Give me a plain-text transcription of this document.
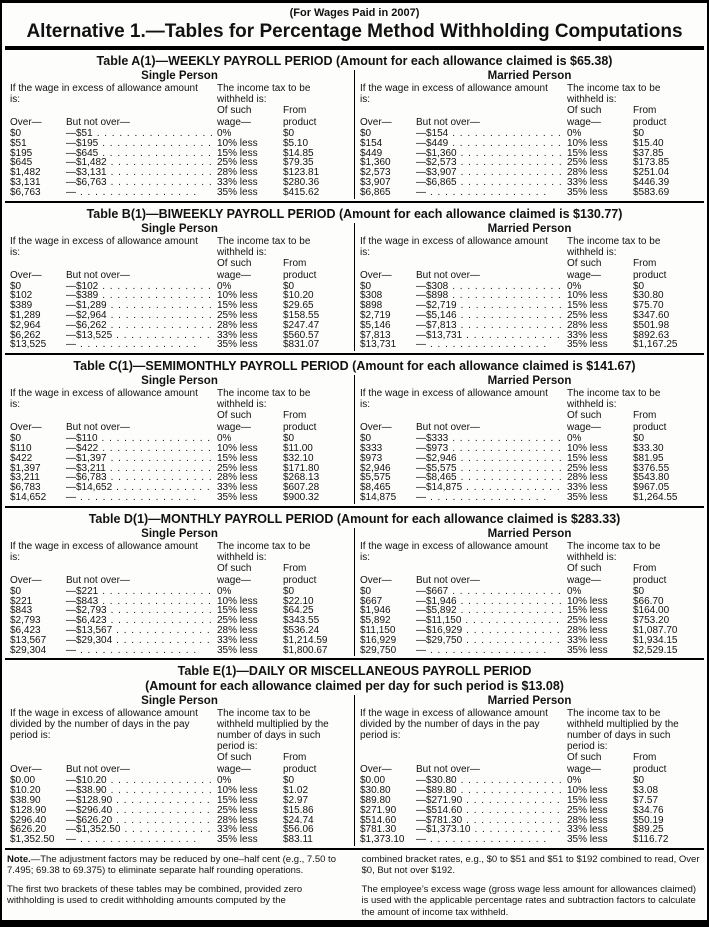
(For Wages Paid in 2007)
Alternative 1.—Tables for Percentage Method Withholding Computations
Table A(1)—WEEKLY PAYROLL PERIOD (Amount for each allowance claimed is $65.38)
Single Person
If the wage in excess of allowance amount is:
The income tax to be withheld is:
Of such	From
Over—	But not over—	wage—	product
$0	—$51 .	0%	$0
$51	—$195 .	10% less	$5.10
$195	—$645 .	15% less	$14.85
$645	—$1,482 .	25% less	$79.35
$1,482	—$3,131 .	28% less	$123.81
$3,131	—$6,763 .	33% less	$280.36
$6,763	— .	35% less	$415.62
Married Person
If the wage in excess of allowance amount is:
The income tax to be withheld is:
Of such	From
Over—	But not over—	wage—	product
$0	—$154 .	0%	$0
$154	—$449 .	10% less	$15.40
$449	—$1,360 .	15% less	$37.85
$1,360	—$2,573 .	25% less	$173.85
$2,573	—$3,907 .	28% less	$251.04
$3,907	—$6,865 .	33% less	$446.39
$6,865	— .	35% less	$583.69
Table B(1)—BIWEEKLY PAYROLL PERIOD (Amount for each allowance claimed is $130.77)
Single Person
If the wage in excess of allowance amount is:
The income tax to be withheld is:
Of such	From
Over—	But not over—	wage—	product
$0	—$102 .	0%	$0
$102	—$389 .	10% less	$10.20
$389	—$1,289 .	15% less	$29.65
$1,289	—$2,964 .	25% less	$158.55
$2,964	—$6,262 .	28% less	$247.47
$6,262	—$13,525 .	33% less	$560.57
$13,525	— .	35% less	$831.07
Married Person
If the wage in excess of allowance amount is:
The income tax to be withheld is:
Of such	From
Over—	But not over—	wage—	product
$0	—$308 .	0%	$0
$308	—$898 .	10% less	$30.80
$898	—$2,719 .	15% less	$75.70
$2,719	—$5,146 .	25% less	$347.60
$5,146	—$7,813 .	28% less	$501.98
$7,813	—$13,731 .	33% less	$892.63
$13,731	— .	35% less	$1,167.25
Table C(1)—SEMIMONTHLY PAYROLL PERIOD (Amount for each allowance claimed is $141.67)
Single Person
If the wage in excess of allowance amount is:
The income tax to be withheld is:
Of such	From
Over—	But not over—	wage—	product
$0	—$110 .	0%	$0
$110	—$422 .	10% less	$11.00
$422	—$1,397 .	15% less	$32.10
$1,397	—$3,211 .	25% less	$171.80
$3,211	—$6,783 .	28% less	$268.13
$6,783	—$14,652 .	33% less	$607.28
$14,652	— .	35% less	$900.32
Married Person
If the wage in excess of allowance amount is:
The income tax to be withheld is:
Of such	From
Over—	But not over—	wage—	product
$0	—$333 .	0%	$0
$333	—$973 .	10% less	$33.30
$973	—$2,946 .	15% less	$81.95
$2,946	—$5,575 .	25% less	$376.55
$5,575	—$8,465 .	28% less	$543.80
$8,465	—$14,875 .	33% less	$967.05
$14,875	— .	35% less	$1,264.55
Table D(1)—MONTHLY PAYROLL PERIOD (Amount for each allowance claimed is $283.33)
Single Person
If the wage in excess of allowance amount is:
The income tax to be withheld is:
Of such	From
Over—	But not over—	wage—	product
$0	—$221 .	0%	$0
$221	—$843 .	10% less	$22.10
$843	—$2,793 .	15% less	$64.25
$2,793	—$6,423 .	25% less	$343.55
$6,423	—$13,567 .	28% less	$536.24
$13,567	—$29,304 .	33% less	$1,214.59
$29,304	— .	35% less	$1,800.67
Married Person
If the wage in excess of allowance amount is:
The income tax to be withheld is:
Of such	From
Over—	But not over—	wage—	product
$0	—$667 .	0%	$0
$667	—$1,946 .	10% less	$66.70
$1,946	—$5,892 .	15% less	$164.00
$5,892	—$11,150 .	25% less	$753.20
$11,150	—$16,929 .	28% less	$1,087.70
$16,929	—$29,750 .	33% less	$1,934.15
$29,750	— .	35% less	$2,529.15
Table E(1)—DAILY OR MISCELLANEOUS PAYROLL PERIOD
(Amount for each allowance claimed per day for such period is $13.08)
Single Person
If the wage in excess of allowance amount divided by the number of days in the pay period is:
The income tax to be withheld multiplied by the number of days in such period is:
Of such	From
Over—	But not over—	wage—	product
$0.00	—$10.20 .	0%	$0
$10.20	—$38.90 .	10% less	$1.02
$38.90	—$128.90 .	15% less	$2.97
$128.90	—$296.40 .	25% less	$15.86
$296.40	—$626.20 .	28% less	$24.74
$626.20	—$1,352.50 .	33% less	$56.06
$1,352.50	— .	35% less	$83.11
Married Person
If the wage in excess of allowance amount divided by the number of days in the pay period is:
The income tax to be withheld multiplied by the number of days in such period is:
Of such	From
Over—	But not over—	wage—	product
$0.00	—$30.80 .	0%	$0
$30.80	—$89.80 .	10% less	$3.08
$89.80	—$271.90 .	15% less	$7.57
$271.90	—$514.60 .	25% less	$34.76
$514.60	—$781.30 .	28% less	$50.19
$781.30	—$1,373.10 .	33% less	$89.25
$1,373.10	— .	35% less	$116.72

Note.—The adjustment factors may be reduced by one–half cent (e.g., 7.50 to 7.495; 69.38 to 69.375) to eliminate separate half rounding operations.

The first two brackets of these tables may be combined, provided zero withholding is used to credit withholding amounts computed by the

combined bracket rates, e.g., $0 to $51 and $51 to $192 combined to read, Over $0, But not over $192.

The employee’s excess wage (gross wage less amount for allowances claimed) is used with the applicable percentage rates and subtraction factors to calculate the amount of income tax withheld.
